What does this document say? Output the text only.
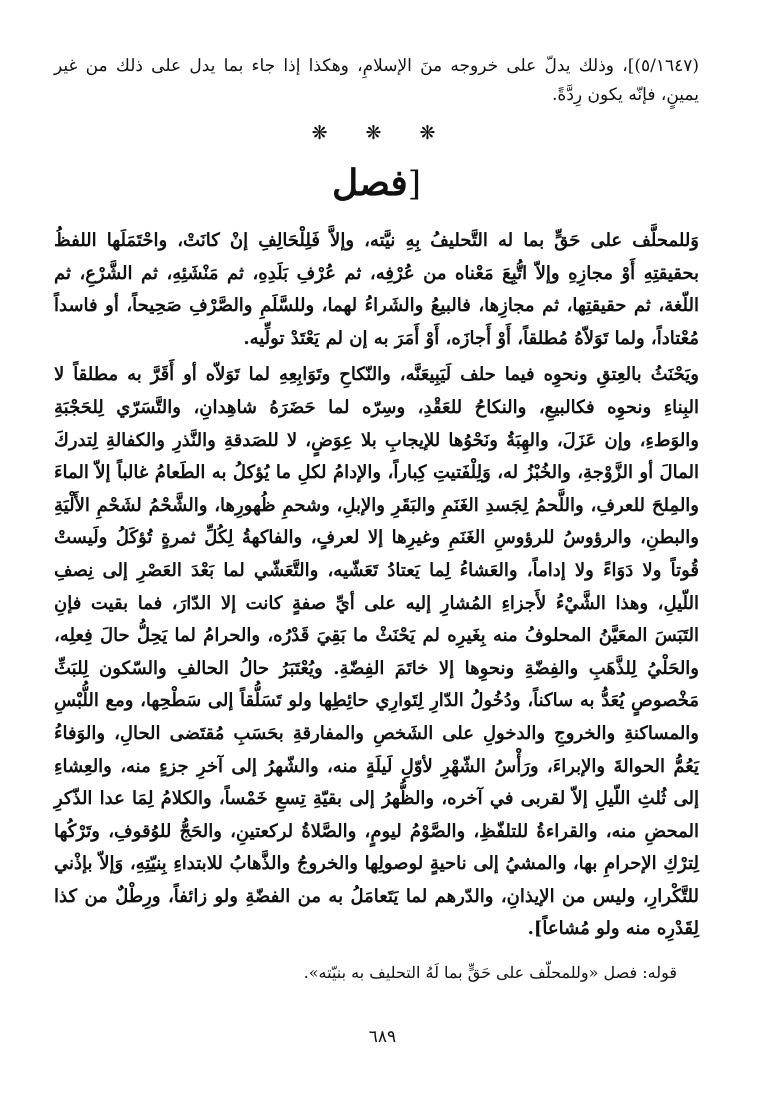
(٥/١٦٤٧)]، وذلك يدلّ على خروجه منَ الإسلامِ، وهكذا إذا جاء بما يدل على ذلك من غير يمينٍ، فإنّه يكون رِدَّةً.

❋ ❋ ❋
[فصل

وَللمحلَّف على حَقٍّ بما له التَّحليفُ بِهِ نيَّته، وإلاَّ فَلِلْحَالِفِ إنْ كانَتْ، واحْتَمَلَها اللفظُ بحقيقتِهِ أَوْ مجازِهِ وإلاّ اتُّبِعَ مَعْناه من عُرْفِه، ثم عُرْفِ بَلَدِهِ، ثم مَنْشَئِهِ، ثم الشَّرْعِ، ثم اللّغة، ثم حقيقتِها، ثم مجازِها، فالبيعُ والشَراءُ لهما، وللسَّلَمِ والصَّرْفِ صَحِيحاً، أو فاسداً مُعْتاداً، ولما تَوَلاّهُ مُطلقاً، أَوْ أَجازَه، أَوْ أَمَرَ به إن لم يَعْتَدْ تولِّيه.

ويَحْنَثُ بالعِتقِ ونحوِه فيما حلف لَيَبِيعَنَّه، والنّكاحِ وتَوَابِعِهِ لما تَوَلاّه أو أَقَرَّ به مطلقاً لا البِناءِ ونحوِه فكالبيعِ، والنكاحُ للعَقْدِ، وسِرّه لما حَضَرَهُ شاهِدانِ، والتَّسَرّي لِلحَجْبَةِ والوَطءِ، وإن عَزَلَ، والهِبَةُ ونَحْوُها للإيجابِ بلا عِوَضٍ، لا للصَدقةِ والنَّذرِ والكفالةِ لِتدركَ المالَ أو الزَّوْجةِ، والخُبْزُ له، وَلِلْفَتيتِ كِباراً، والإدامُ لكلِ ما يُؤكلُ به الطَعامُ غالباً إلاّ الماءَ والمِلحَ للعرفِ، واللَّحمُ لِجَسدِ الغَنَمِ والبَقَرِ والإبلِ، وشحمِ ظُهورِها، والشَّحْمُ لشَحْمِ الأَلْيَةِ والبطنِ، والرؤوسُ للرؤوسِ الغَنَمِ وغيرِها إلا لعرفٍ، والفاكهةُ لِكُلِّ ثمرةٍ تُؤكَلُ ولَيستْ قُوتاً ولا دَوَاءً ولا إداماً، والعَشاءُ لِما يَعتادُ تَعَشّيه، والتَّعَشّي لما بَعْدَ العَصْرِ إلى نِصفِ اللّيلِ، وهذا الشَّيْءُ لأَجزاءِ المُشارِ إليه على أيِّ صفةٍ كانت إلا الدّارَ، فما بقيت فإنِ التَبَسَ المعَيَّنُ المحلوفُ منه بِغَيرِه لم يَحْنَثْ ما بَقِيَ قَدْرُه، والحرامُ لما يَحِلُّ حالَ فِعلِه، والحَلْيُ لِلذَّهَبِ والفِضّةِ ونحوِها إلا خاتَمَ الفِضّةِ. ويُعْتَبَرُ حالُ الحالفِ والسّكون لِلبَثِّ مَخْصوصٍ يُعَدُّ به ساكناً، ودُخُولُ الدّارِ لِتَوارِي حائِطِها ولو تَسَلُّقاً إلى سَطْحِها، ومع اللُّبْسِ والمساكنةِ والخروجِ والدخولِ على الشَخصِ والمفارقةِ بحَسَبِ مُقتَضى الحالِ، والوَفاءُ يَعُمُّ الحوالةَ والإبراءَ، ورَأْسُ الشّهْرِ لأوّلِ لَيلَةٍ منه، والشّهرُ إلى آخرِ جزءٍ منه، والعِشاءِ إلى ثُلثِ اللّيلِ إلاّ لقربى في آخره، والظُّهرُ إلى بقيّةِ تِسعِ خَمْساً، والكلامُ لِمَا عدا الذّكرِ المحضِ منه، والقراءةُ للتلفّظِ، والصَّوْمُ ليومٍ، والصَّلاةُ لركعتينِ، والحَجُّ للوُقوفِ، وتَرْكُها لِترْكِ الإحرامِ بها، والمشيُ إلى ناحيةٍ لوصولِها والخروجُ والذَّهابُ للابتداءِ بِنيّتِهِ، وَإلاّ بإذْني للتَّكْرارِ، وليس من الإيذانِ، والدّرهم لما يَتَعامَلُ به من الفضّةِ ولو زائفاً، ورِطْلٌ من كذا لِقَدْرِه منه ولو مُشاعاً].

قوله: فصل «وللمحلّف على حَقٍّ بما لَهُ التحليف به بنيّته».

٦٨٩
